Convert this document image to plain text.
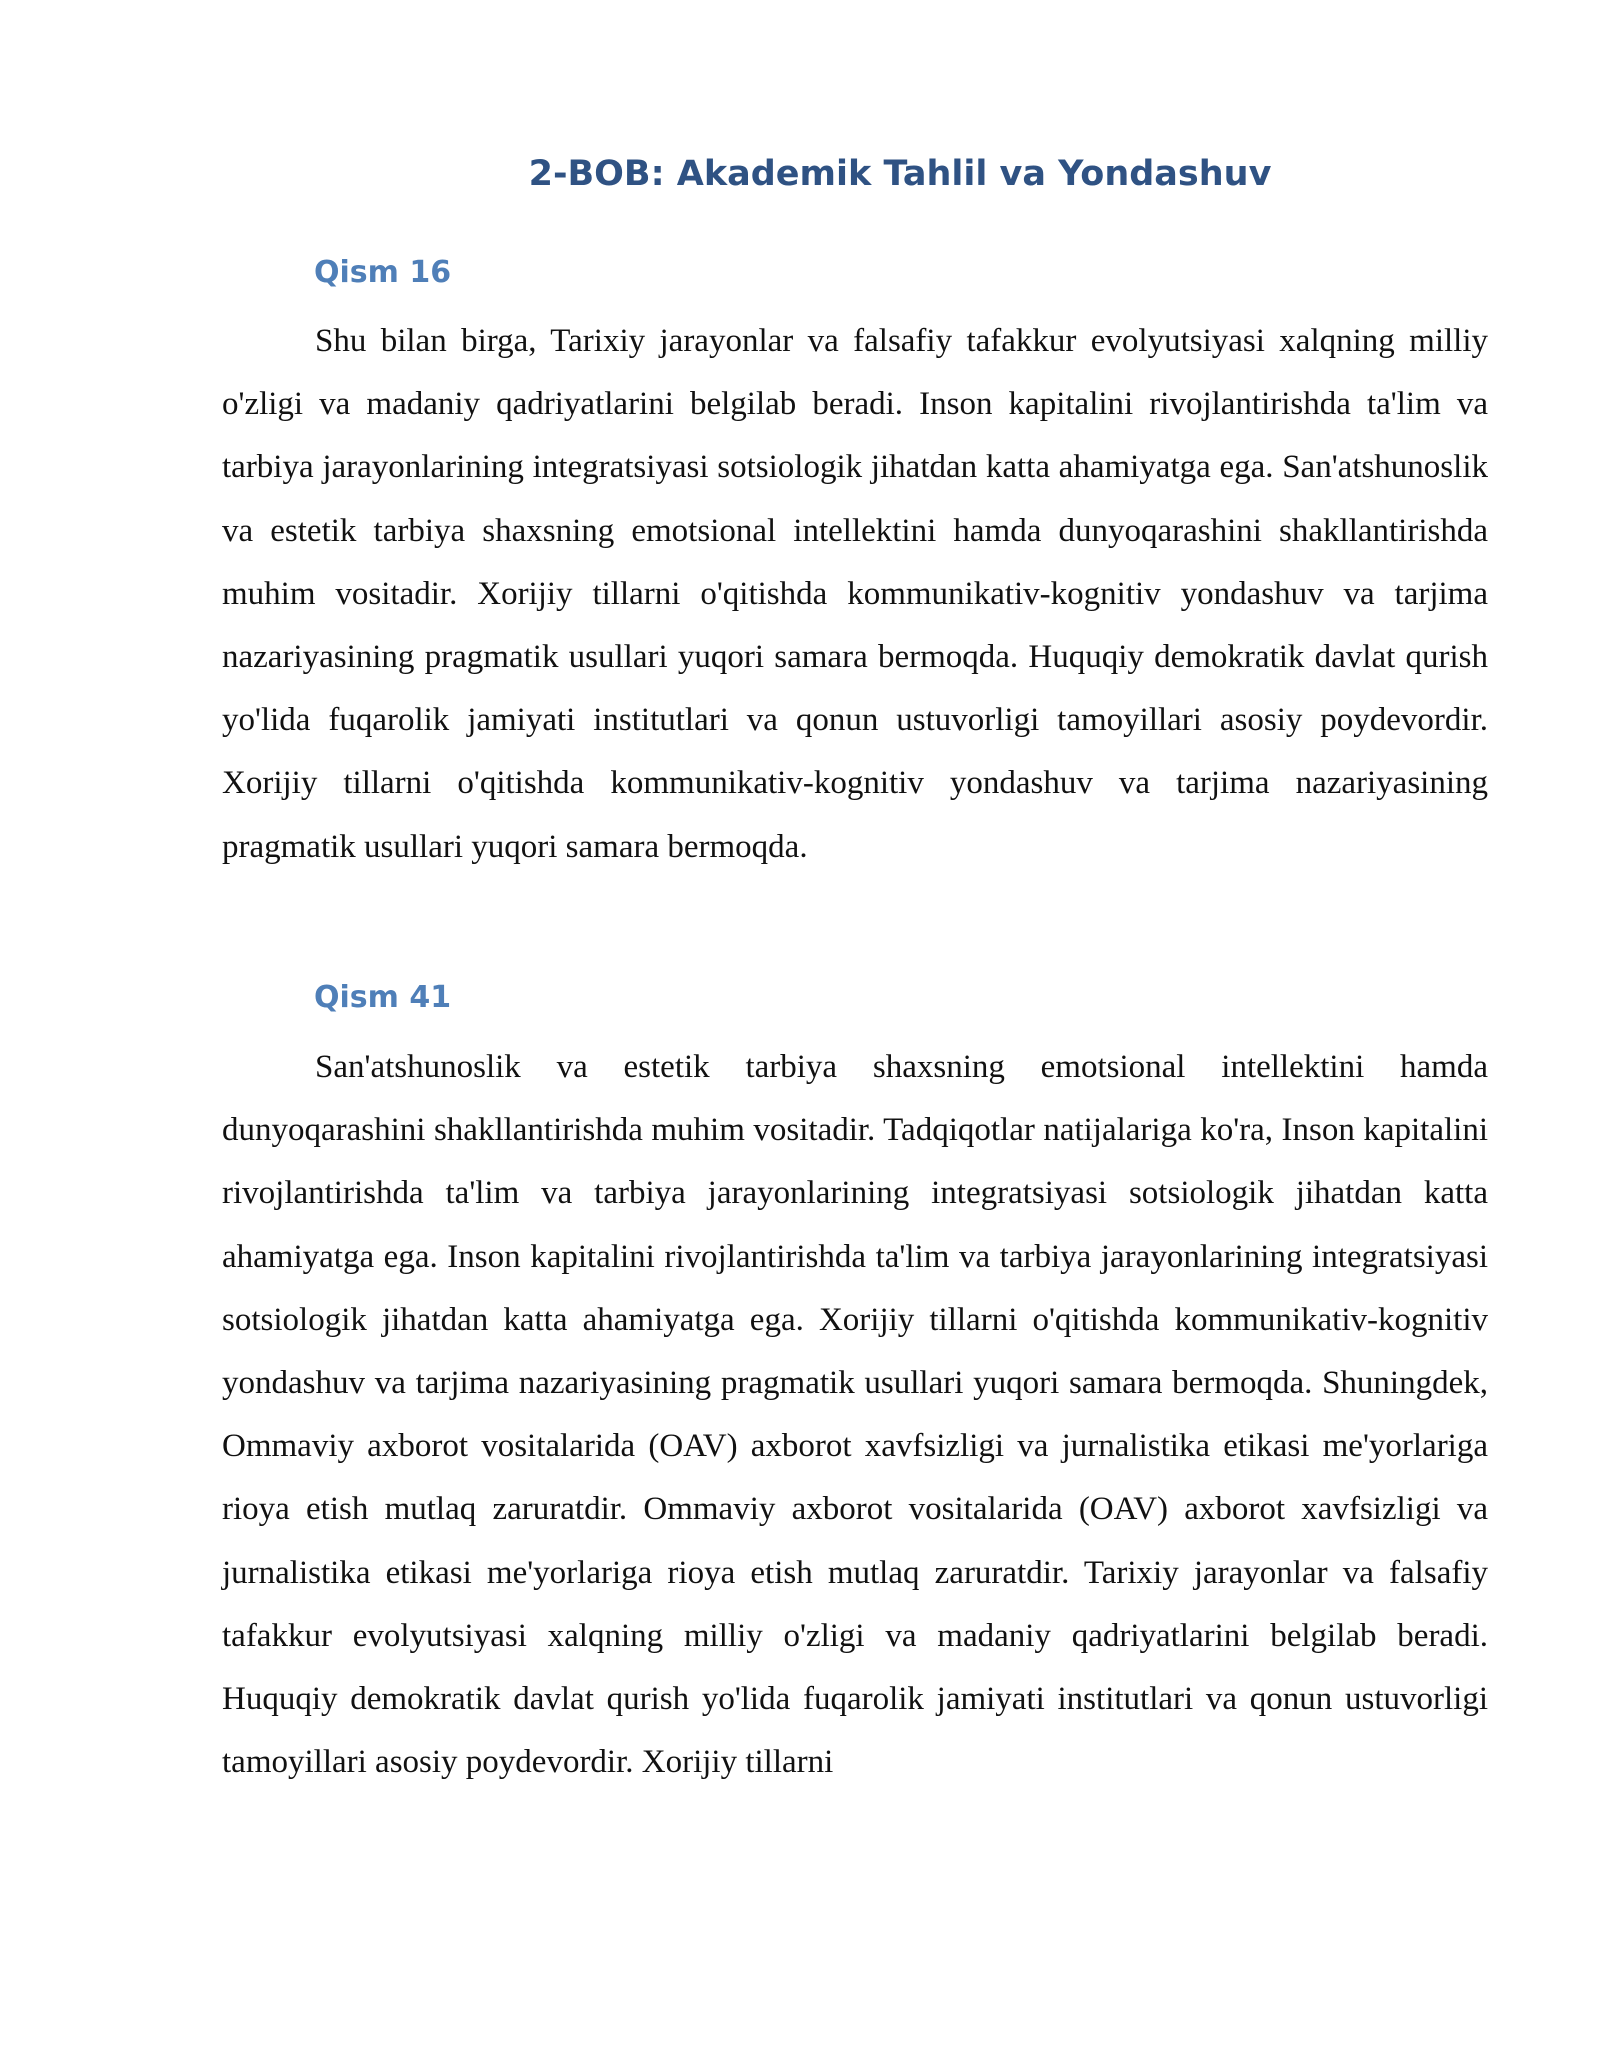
2-BOB: Akademik Tahlil va Yondashuv
Qism 16

Shu bilan birga, Tarixiy jarayonlar va falsafiy tafakkur evolyutsiyasi xalqning milliy o'zligi va madaniy qadriyatlarini belgilab beradi. Inson kapitalini rivojlantirishda ta'lim va tarbiya jarayonlarining integratsiyasi sotsiologik jihatdan katta ahamiyatga ega. San'atshunoslik va estetik tarbiya shaxsning emotsional intellektini hamda dunyoqarashini shakllantirishda muhim vositadir. Xorijiy tillarni o'qitishda kommunikativ-kognitiv yondashuv va tarjima nazariyasining pragmatik usullari yuqori samara bermoqda. Huquqiy demokratik davlat qurish yo'lida fuqarolik jamiyati institutlari va qonun ustuvorligi tamoyillari asosiy poydevordir. Xorijiy tillarni o'qitishda kommunikativ-kognitiv yondashuv va tarjima nazariyasining pragmatik usullari yuqori samara bermoqda.

Qism 41

San'atshunoslik va estetik tarbiya shaxsning emotsional intellektini hamda dunyoqarashini shakllantirishda muhim vositadir. Tadqiqotlar natijalariga ko'ra, Inson kapitalini rivojlantirishda ta'lim va tarbiya jarayonlarining integratsiyasi sotsiologik jihatdan katta ahamiyatga ega. Inson kapitalini rivojlantirishda ta'lim va tarbiya jarayonlarining integratsiyasi sotsiologik jihatdan katta ahamiyatga ega. Xorijiy tillarni o'qitishda kommunikativ-kognitiv yondashuv va tarjima nazariyasining pragmatik usullari yuqori samara bermoqda. Shuningdek, Ommaviy axborot vositalarida (OAV) axborot xavfsizligi va jurnalistika etikasi me'yorlariga rioya etish mutlaq zaruratdir. Ommaviy axborot vositalarida (OAV) axborot xavfsizligi va jurnalistika etikasi me'yorlariga rioya etish mutlaq zaruratdir. Tarixiy jarayonlar va falsafiy tafakkur evolyutsiyasi xalqning milliy o'zligi va madaniy qadriyatlarini belgilab beradi. Huquqiy demokratik davlat qurish yo'lida fuqarolik jamiyati institutlari va qonun ustuvorligi tamoyillari asosiy poydevordir. Xorijiy tillarni
